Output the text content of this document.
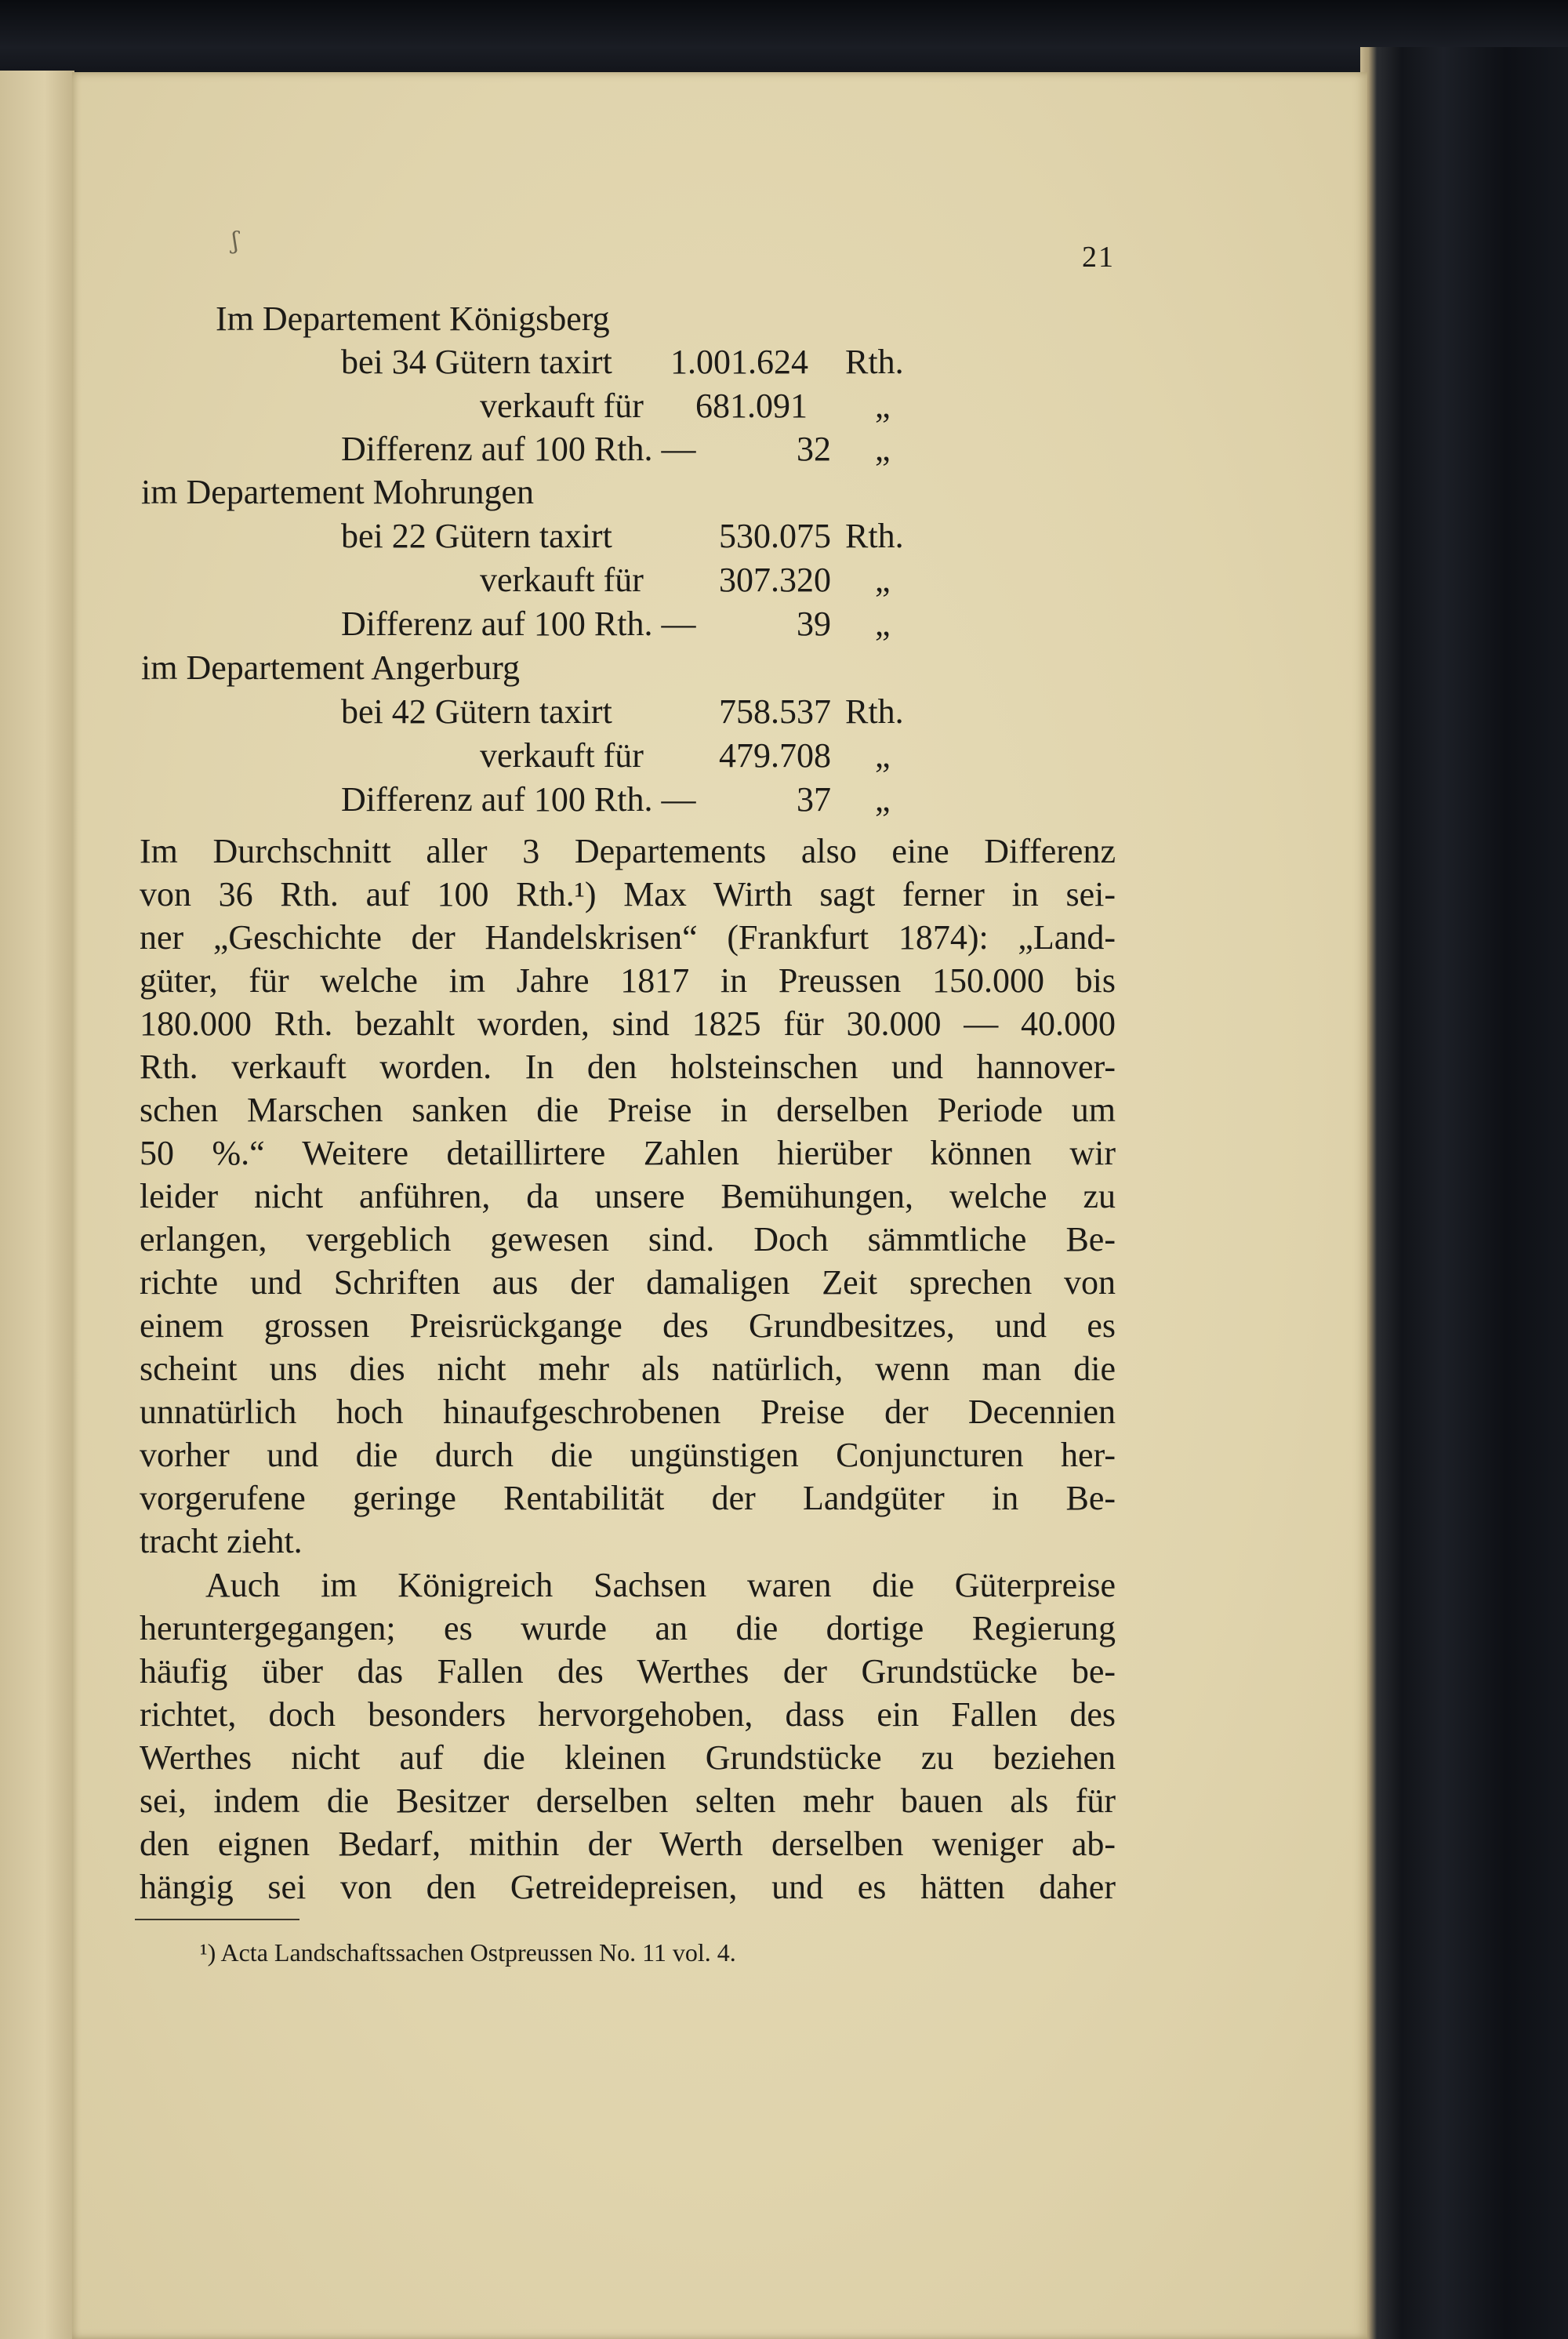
ʃ	21
Im Departement Königsberg
bei 34 Gütern taxirt 1.001.624 Rth.
verkauft für	681.091 „
Differenz auf 100 Rth. —	32 „
im Departement Mohrungen
bei 22 Gütern taxirt	530.075 Rth.
verkauft für	307.320 „
Differenz auf 100 Rth. —	39 „
im Departement Angerburg
bei 42 Gütern taxirt	758.537 Rth.
verkauft für	479.708 „
Differenz auf 100 Rth. —	37 „
Im Durchschnitt aller 3 Departements also eine Differenz
von 36 Rth. auf 100 Rth.¹) Max Wirth sagt ferner in sei-
ner „Geschichte der Handelskrisen“ (Frankfurt 1874): „Land-
güter, für welche im Jahre 1817 in Preussen 150.000 bis
180.000 Rth. bezahlt worden, sind 1825 für 30.000 — 40.000
Rth. verkauft worden. In den holsteinschen und hannover-
schen Marschen sanken die Preise in derselben Periode um
50 %.“ Weitere detaillirtere Zahlen hierüber können wir
leider nicht anführen, da unsere Bemühungen, welche zu
erlangen, vergeblich gewesen sind. Doch sämmtliche Be-
richte und Schriften aus der damaligen Zeit sprechen von
einem grossen Preisrückgange des Grundbesitzes, und es
scheint uns dies nicht mehr als natürlich, wenn man die
unnatürlich hoch hinaufgeschrobenen Preise der Decennien
vorher und die durch die ungünstigen Conjuncturen her-
vorgerufene geringe Rentabilität der Landgüter in Be-
tracht zieht.
Auch im Königreich Sachsen waren die Güterpreise
heruntergegangen; es wurde an die dortige Regierung
häufig über das Fallen des Werthes der Grundstücke be-
richtet, doch besonders hervorgehoben, dass ein Fallen des
Werthes nicht auf die kleinen Grundstücke zu beziehen
sei, indem die Besitzer derselben selten mehr bauen als für
den eignen Bedarf, mithin der Werth derselben weniger ab-
hängig sei von den Getreidepreisen, und es hätten daher
¹) Acta Landschaftssachen Ostpreussen No. 11 vol. 4.
